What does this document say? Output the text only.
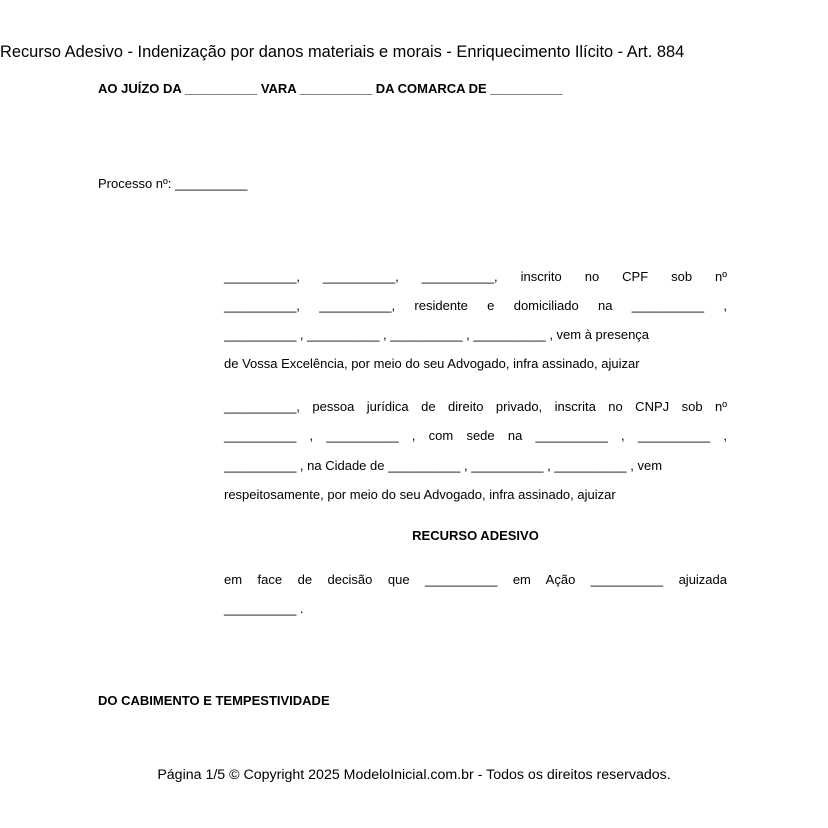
Recurso Adesivo - Indenização por danos materiais e morais - Enriquecimento Ilícito - Art. 884
AO JUÍZO DA __________ VARA __________ DA COMARCA DE __________
Processo nº: __________
__________, __________, __________, inscrito no CPF sob nº
__________, __________, residente e domiciliado na __________ ,
__________ , __________ , __________ , __________ , vem à presença
de Vossa Excelência, por meio do seu Advogado, infra assinado, ajuizar
__________, pessoa jurídica de direito privado, inscrita no CNPJ sob nº
__________ , __________ , com sede na __________ , __________ ,
__________ , na Cidade de __________ , __________ , __________ , vem
respeitosamente, por meio do seu Advogado, infra assinado, ajuizar
RECURSO ADESIVO
em face de decisão que __________ em Ação __________ ajuizada
__________ .
DO CABIMENTO E TEMPESTIVIDADE
Página 1/5 © Copyright 2025 ModeloInicial.com.br - Todos os direitos reservados.
